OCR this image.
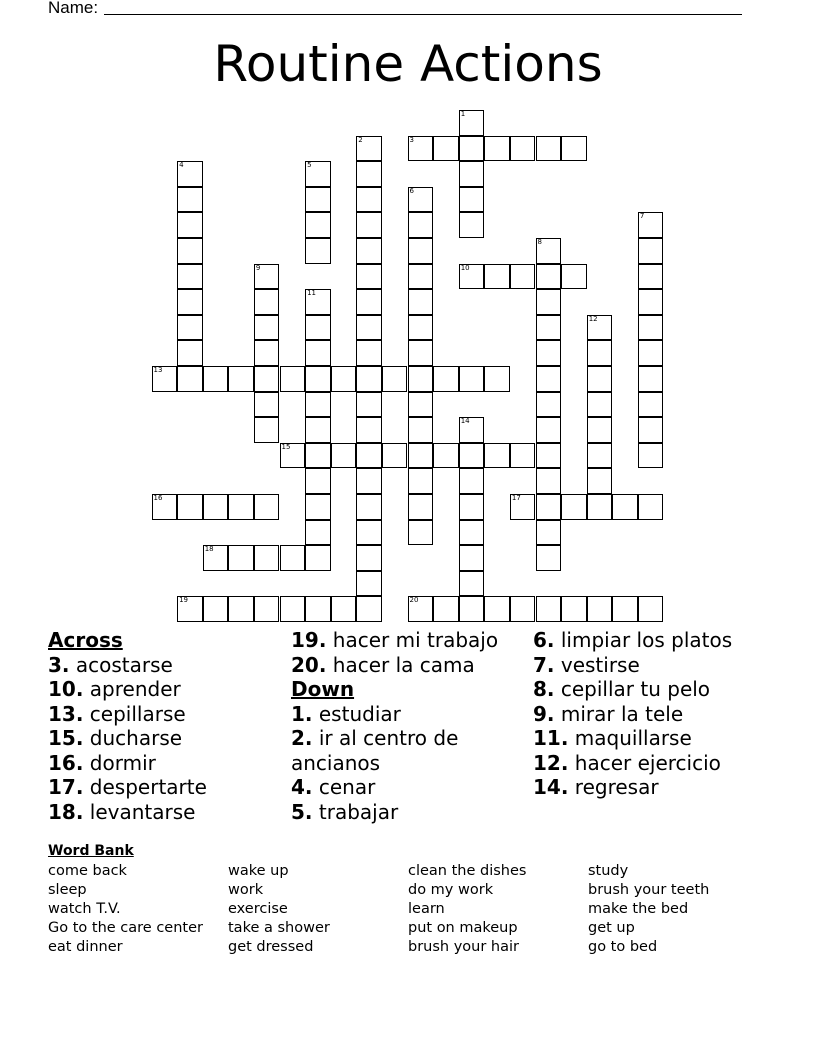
Name:
Routine Actions
3
10
13
15
16	17
18
19	20
1
2
4	5
6
7
8
9
11
12
14
Across
3. acostarse
10. aprender
13. cepillarse
15. ducharse
16. dormir
17. despertarte
18. levantarse
19. hacer mi trabajo
20. hacer la cama
Down
1. estudiar
2. ir al centro de ancianos
4. cenar
5. trabajar
6. limpiar los platos
7. vestirse
8. cepillar tu pelo
9. mirar la tele
11. maquillarse
12. hacer ejercicio
14. regresar
Word Bank
come back
sleep
watch T.V.
Go to the care center
eat dinner
wake up
work
exercise
take a shower
get dressed
clean the dishes
do my work
learn
put on makeup
brush your hair
study
brush your teeth
make the bed
get up
go to bed
